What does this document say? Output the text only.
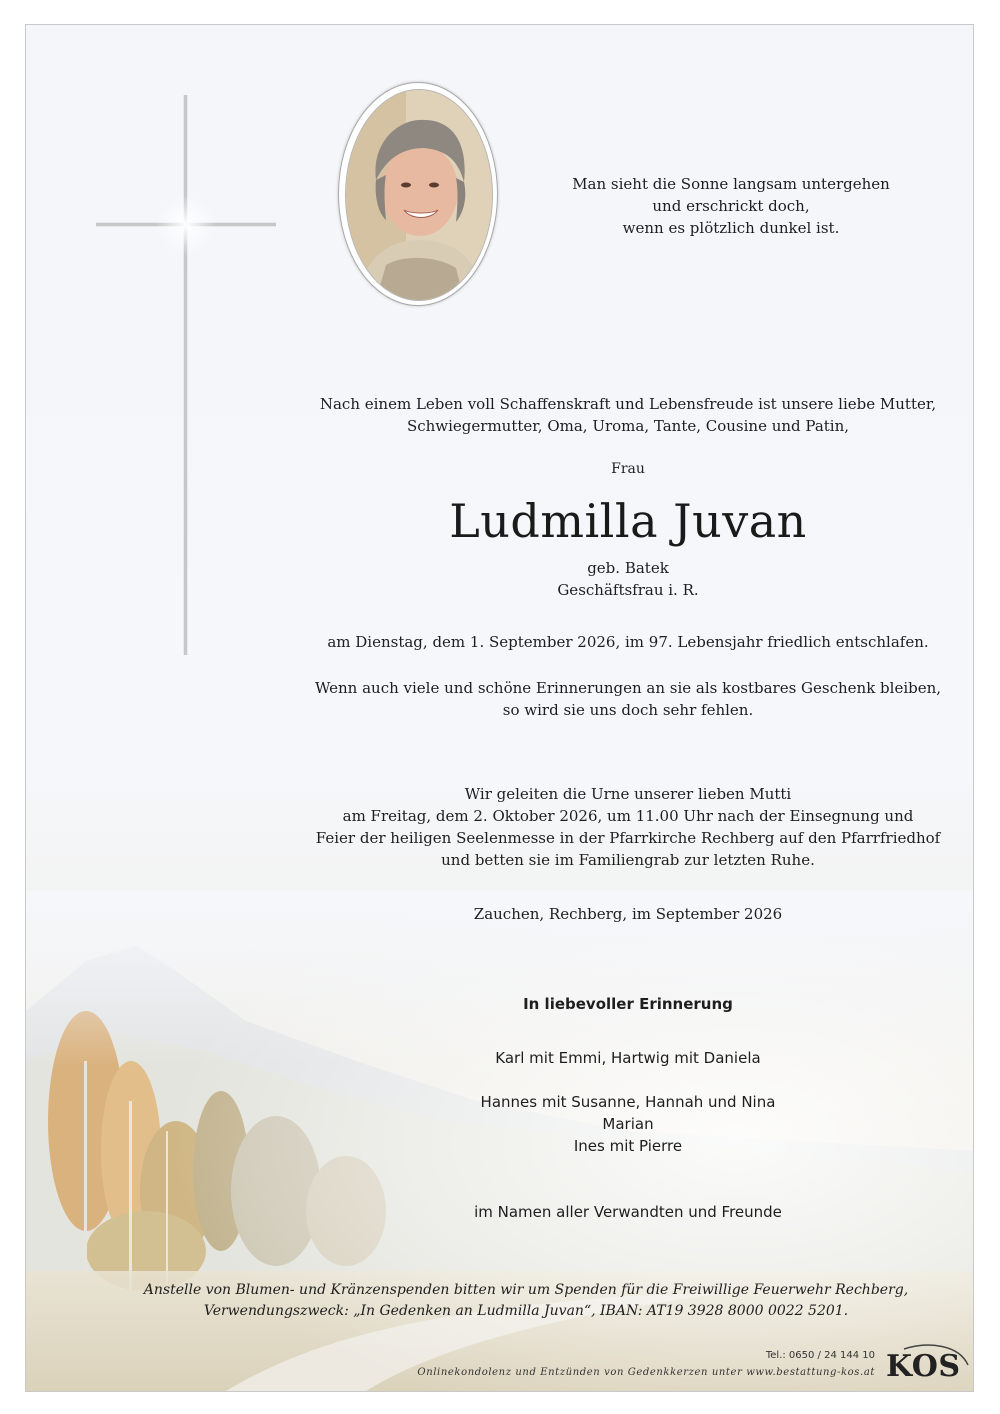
Man sieht die Sonne langsam untergehen
und erschrickt doch,
wenn es plötzlich dunkel ist.
Nach einem Leben voll Schaffenskraft und Lebensfreude ist unsere liebe Mutter,
Schwiegermutter, Oma, Uroma, Tante, Cousine und Patin,
Frau
Ludmilla Juvan
geb. Batek
Geschäftsfrau i. R.
am Dienstag, dem 1. September 2026, im 97. Lebensjahr friedlich entschlafen.
Wenn auch viele und schöne Erinnerungen an sie als kostbares Geschenk bleiben,
so wird sie uns doch sehr fehlen.
Wir geleiten die Urne unserer lieben Mutti
am Freitag, dem 2. Oktober 2026, um 11.00 Uhr nach der Einsegnung und
Feier der heiligen Seelenmesse in der Pfarrkirche Rechberg auf den Pfarrfriedhof
und betten sie im Familiengrab zur letzten Ruhe.
Zauchen, Rechberg, im September 2026
In liebevoller Erinnerung
Karl mit Emmi, Hartwig mit Daniela
Hannes mit Susanne, Hannah und Nina
Marian
Ines mit Pierre
im Namen aller Verwandten und Freunde
Anstelle von Blumen- und Kränzenspenden bitten wir um Spenden für die Freiwillige Feuerwehr Rechberg,
Verwendungszweck: „In Gedenken an Ludmilla Juvan“, IBAN: AT19 3928 8000 0022 5201.
Tel.: 0650 / 24 144 10
Onlinekondolenz und Entzünden von Gedenkkerzen unter www.bestattung-kos.at KOS
